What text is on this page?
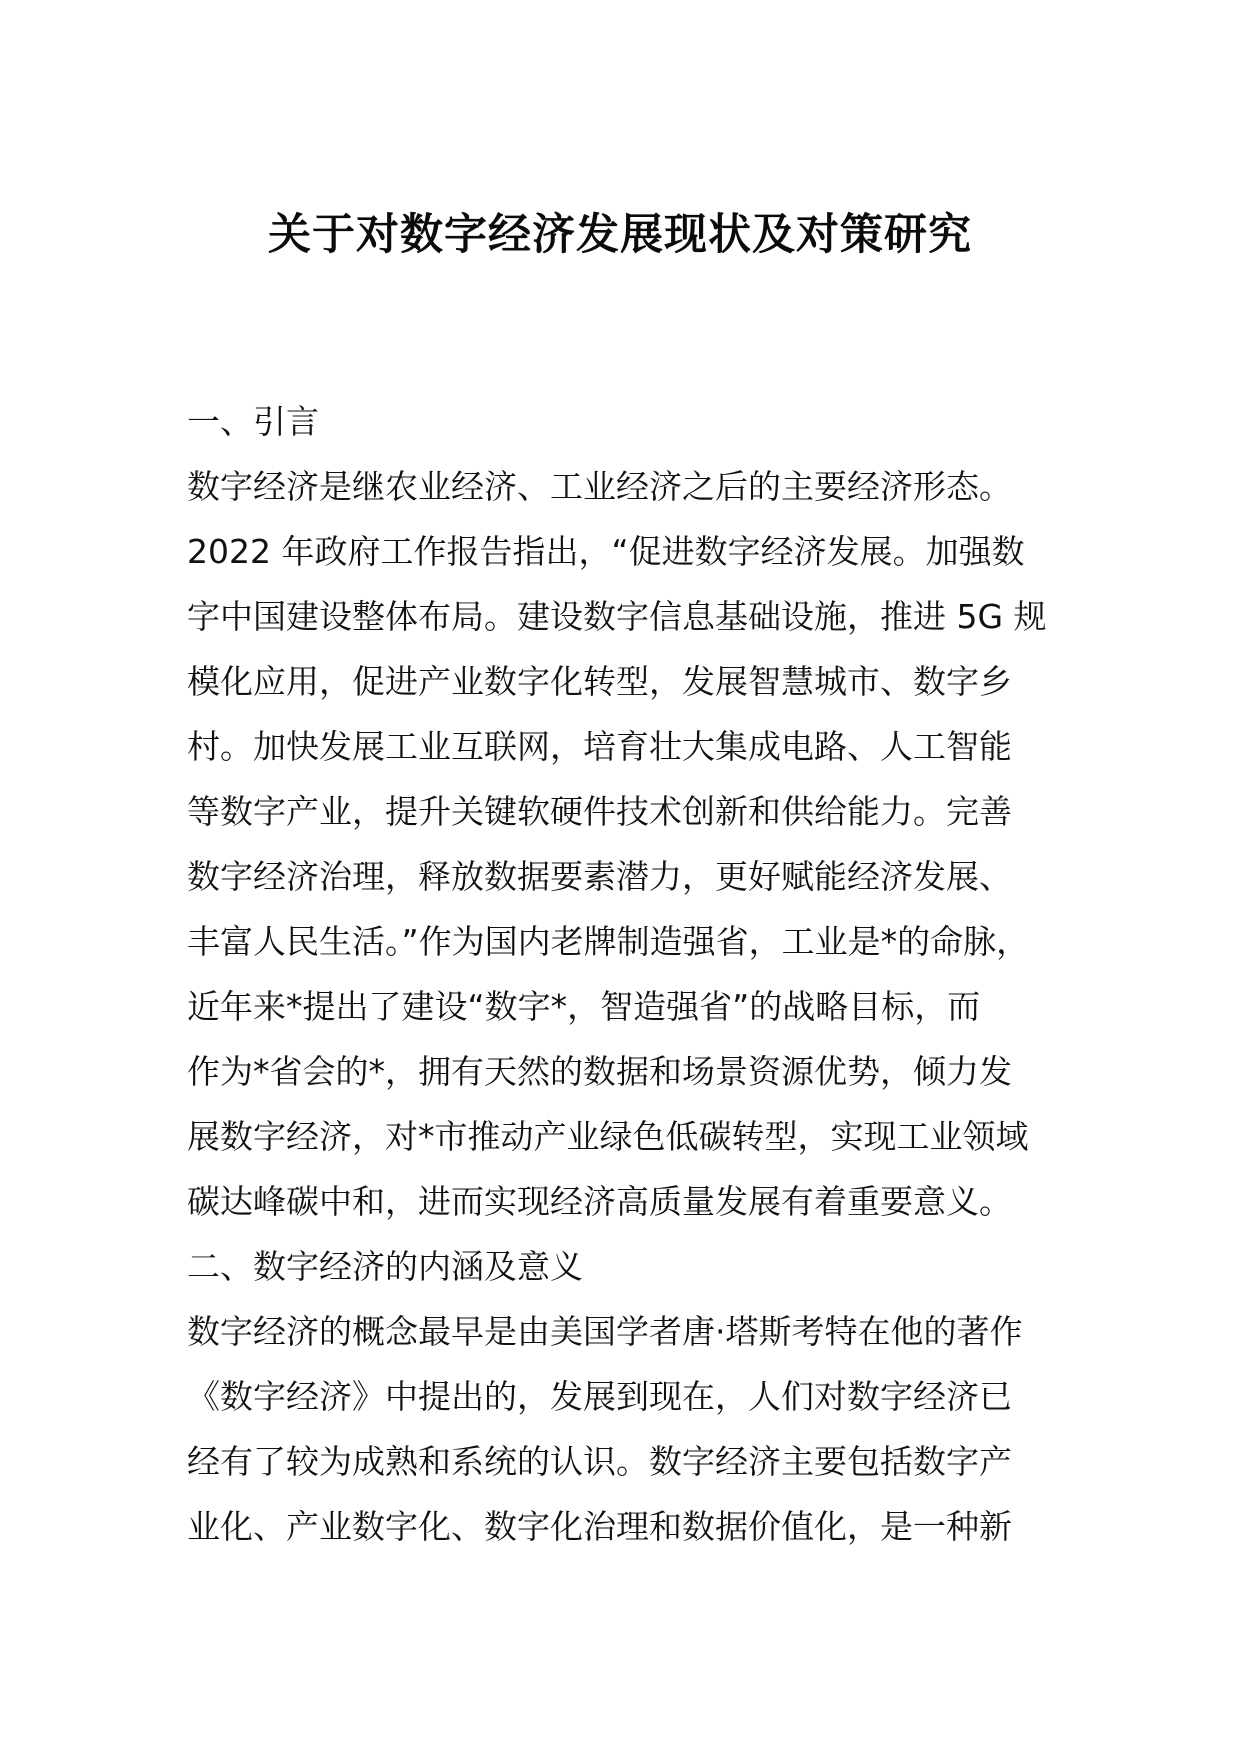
关于对数字经济发展现状及对策研究
一、引言
数字经济是继农业经济、工业经济之后的主要经济形态。
2022 年政府工作报告指出，“促进数字经济发展。加强数
字中国建设整体布局。建设数字信息基础设施，推进 5G 规
模化应用，促进产业数字化转型，发展智慧城市、数字乡
村。加快发展工业互联网，培育壮大集成电路、人工智能
等数字产业，提升关键软硬件技术创新和供给能力。完善
数字经济治理，释放数据要素潜力，更好赋能经济发展、
丰富人民生活。”作为国内老牌制造强省，工业是*的命脉，
近年来*提出了建设“数字*，智造强省”的战略目标，而
作为*省会的*，拥有天然的数据和场景资源优势，倾力发
展数字经济，对*市推动产业绿色低碳转型，实现工业领域
碳达峰碳中和，进而实现经济高质量发展有着重要意义。
二、数字经济的内涵及意义
数字经济的概念最早是由美国学者唐·塔斯考特在他的著作
《数字经济》中提出的，发展到现在，人们对数字经济已
经有了较为成熟和系统的认识。数字经济主要包括数字产
业化、产业数字化、数字化治理和数据价值化，是一种新
